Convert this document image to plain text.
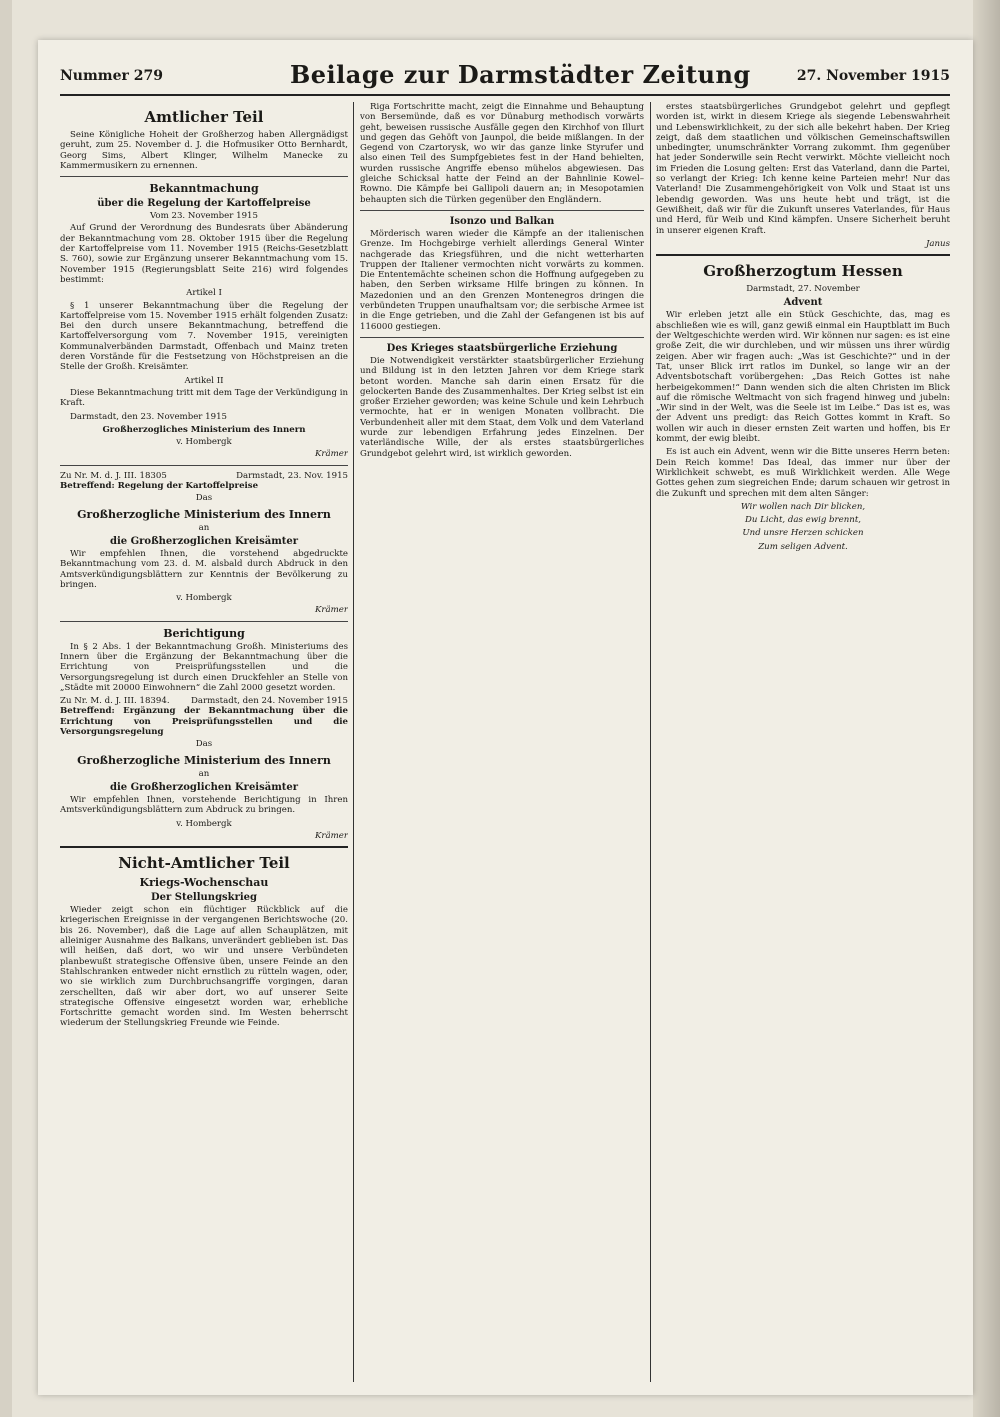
Nummer 279	Beilage zur Darmstädter Zeitung	27. November 1915
Amtlicher Teil

Seine Königliche Hoheit der Großherzog haben Allergnädigst geruht, zum 25. November d. J. die Hofmusiker Otto Bernhardt, Georg Sims, Albert Klinger, Wilhelm Manecke zu Kammermusikern zu ernennen.

Bekanntmachung
über die Regelung der Kartoffelpreise
Vom 23. November 1915

Auf Grund der Verordnung des Bundesrats über Abänderung der Bekanntmachung vom 28. Oktober 1915 über die Regelung der Kartoffelpreise vom 11. November 1915 (Reichs-Gesetzblatt S. 760), sowie zur Ergänzung unserer Bekanntmachung vom 15. November 1915 (Regierungsblatt Seite 216) wird folgendes bestimmt:

Artikel I

§ 1 unserer Bekanntmachung über die Regelung der Kartoffelpreise vom 15. November 1915 erhält folgenden Zusatz: Bei den durch unsere Bekanntmachung, betreffend die Kartoffelversorgung vom 7. November 1915, vereinigten Kommunalverbänden Darmstadt, Offenbach und Mainz treten deren Vorstände für die Festsetzung von Höchstpreisen an die Stelle der Großh. Kreisämter.

Artikel II

Diese Bekanntmachung tritt mit dem Tage der Verkündigung in Kraft.

Darmstadt, den 23. November 1915

Großherzogliches Ministerium des Innern
v. Hombergk
Krämer
Zu Nr. M. d. J. III. 18305	Darmstadt, 23. Nov. 1915
Betreffend: Regelung der Kartoffelpreise
Das
Großherzogliche Ministerium des Innern
an
die Großherzoglichen Kreisämter

Wir empfehlen Ihnen, die vorstehend abgedruckte Bekanntmachung vom 23. d. M. alsbald durch Abdruck in den Amtsverkündigungsblättern zur Kenntnis der Bevölkerung zu bringen.

v. Hombergk
Krämer
Berichtigung

In § 2 Abs. 1 der Bekanntmachung Großh. Ministeriums des Innern über die Ergänzung der Bekanntmachung über die Errichtung von Preisprüfungsstellen und die Versorgungsregelung ist durch einen Druckfehler an Stelle von „Städte mit 20000 Einwohnern“ die Zahl 2000 gesetzt worden.

Zu Nr. M. d. J. III. 18394. Darmstadt, den 24. November 1915
Betreffend: Ergänzung der Bekanntmachung über die Errichtung von Preisprüfungsstellen und die Versorgungsregelung
Das
Großherzogliche Ministerium des Innern
an
die Großherzoglichen Kreisämter

Wir empfehlen Ihnen, vorstehende Berichtigung in Ihren Amtsverkündigungsblättern zum Abdruck zu bringen.

v. Hombergk
Krämer
Nicht-Amtlicher Teil
Kriegs-Wochenschau
Der Stellungskrieg

Wieder zeigt schon ein flüchtiger Rückblick auf die kriegerischen Ereignisse in der vergangenen Berichtswoche (20. bis 26. November), daß die Lage auf allen Schauplätzen, mit alleiniger Ausnahme des Balkans, unverändert geblieben ist. Das will heißen, daß dort, wo wir und unsere Verbündeten planbewußt strategische Offensive üben, unsere Feinde an den Stahlschranken entweder nicht ernstlich zu rütteln wagen, oder, wo sie wirklich zum Durchbruchsangriffe vorgingen, daran zerschellten, daß wir aber dort, wo auf unserer Seite strategische Offensive eingesetzt worden war, erhebliche Fortschritte gemacht worden sind. Im Westen beherrscht wiederum der Stellungskrieg Freunde wie Feinde.

Riga Fortschritte macht, zeigt die Einnahme und Behauptung von Bersemünde, daß es vor Dünaburg methodisch vorwärts geht, beweisen russische Ausfälle gegen den Kirchhof von Illurt und gegen das Gehöft von Jaunpol, die beide mißlangen. In der Gegend von Czartorysk, wo wir das ganze linke Styrufer und also einen Teil des Sumpfgebietes fest in der Hand behielten, wurden russische Angriffe ebenso mühelos abgewiesen. Das gleiche Schicksal hatte der Feind an der Bahnlinie Kowel–Rowno. Die Kämpfe bei Gallipoli dauern an; in Mesopotamien behaupten sich die Türken gegenüber den Engländern.

Isonzo und Balkan

Mörderisch waren wieder die Kämpfe an der italienischen Grenze. Im Hochgebirge verhielt allerdings General Winter nachgerade das Kriegsführen, und die nicht wetterharten Truppen der Italiener vermochten nicht vorwärts zu kommen. Die Ententemächte scheinen schon die Hoffnung aufgegeben zu haben, den Serben wirksame Hilfe bringen zu können. In Mazedonien und an den Grenzen Montenegros dringen die verbündeten Truppen unaufhaltsam vor; die serbische Armee ist in die Enge getrieben, und die Zahl der Gefangenen ist bis auf 116000 gestiegen.

Des Krieges staatsbürgerliche Erziehung

Die Notwendigkeit verstärkter staatsbürgerlicher Erziehung und Bildung ist in den letzten Jahren vor dem Kriege stark betont worden. Manche sah darin einen Ersatz für die gelockerten Bande des Zusammenhaltes. Der Krieg selbst ist ein großer Erzieher geworden; was keine Schule und kein Lehrbuch vermochte, hat er in wenigen Monaten vollbracht. Die Verbundenheit aller mit dem Staat, dem Volk und dem Vaterland wurde zur lebendigen Erfahrung jedes Einzelnen. Der vaterländische Wille, der als erstes staatsbürgerliches Grundgebot gelehrt wird, ist wirklich geworden.

erstes staatsbürgerliches Grundgebot gelehrt und gepflegt worden ist, wirkt in diesem Kriege als siegende Lebenswahrheit und Lebenswirklichkeit, zu der sich alle bekehrt haben. Der Krieg zeigt, daß dem staatlichen und völkischen Gemeinschaftswillen unbedingter, unumschränkter Vorrang zukommt. Ihm gegenüber hat jeder Sonderwille sein Recht verwirkt. Möchte vielleicht noch im Frieden die Losung gelten: Erst das Vaterland, dann die Partei, so verlangt der Krieg: Ich kenne keine Parteien mehr! Nur das Vaterland! Die Zusammengehörigkeit von Volk und Staat ist uns lebendig geworden. Was uns heute hebt und trägt, ist die Gewißheit, daß wir für die Zukunft unseres Vaterlandes, für Haus und Herd, für Weib und Kind kämpfen. Unsere Sicherheit beruht in unserer eigenen Kraft.

Janus
Großherzogtum Hessen
Darmstadt, 27. November
Advent

Wir erleben jetzt alle ein Stück Geschichte, das, mag es abschließen wie es will, ganz gewiß einmal ein Hauptblatt im Buch der Weltgeschichte werden wird. Wir können nur sagen: es ist eine große Zeit, die wir durchleben, und wir müssen uns ihrer würdig zeigen. Aber wir fragen auch: „Was ist Geschichte?“ und in der Tat, unser Blick irrt ratlos im Dunkel, so lange wir an der Adventsbotschaft vorübergehen: „Das Reich Gottes ist nahe herbeigekommen!“ Dann wenden sich die alten Christen im Blick auf die römische Weltmacht von sich fragend hinweg und jubeln: „Wir sind in der Welt, was die Seele ist im Leibe.“ Das ist es, was der Advent uns predigt: das Reich Gottes kommt in Kraft. So wollen wir auch in dieser ernsten Zeit warten und hoffen, bis Er kommt, der ewig bleibt.

Es ist auch ein Advent, wenn wir die Bitte unseres Herrn beten: Dein Reich komme! Das Ideal, das immer nur über der Wirklichkeit schwebt, es muß Wirklichkeit werden. Alle Wege Gottes gehen zum siegreichen Ende; darum schauen wir getrost in die Zukunft und sprechen mit dem alten Sänger:

Wir wollen nach Dir blicken,
Du Licht, das ewig brennt,
Und unsre Herzen schicken
Zum seligen Advent.
